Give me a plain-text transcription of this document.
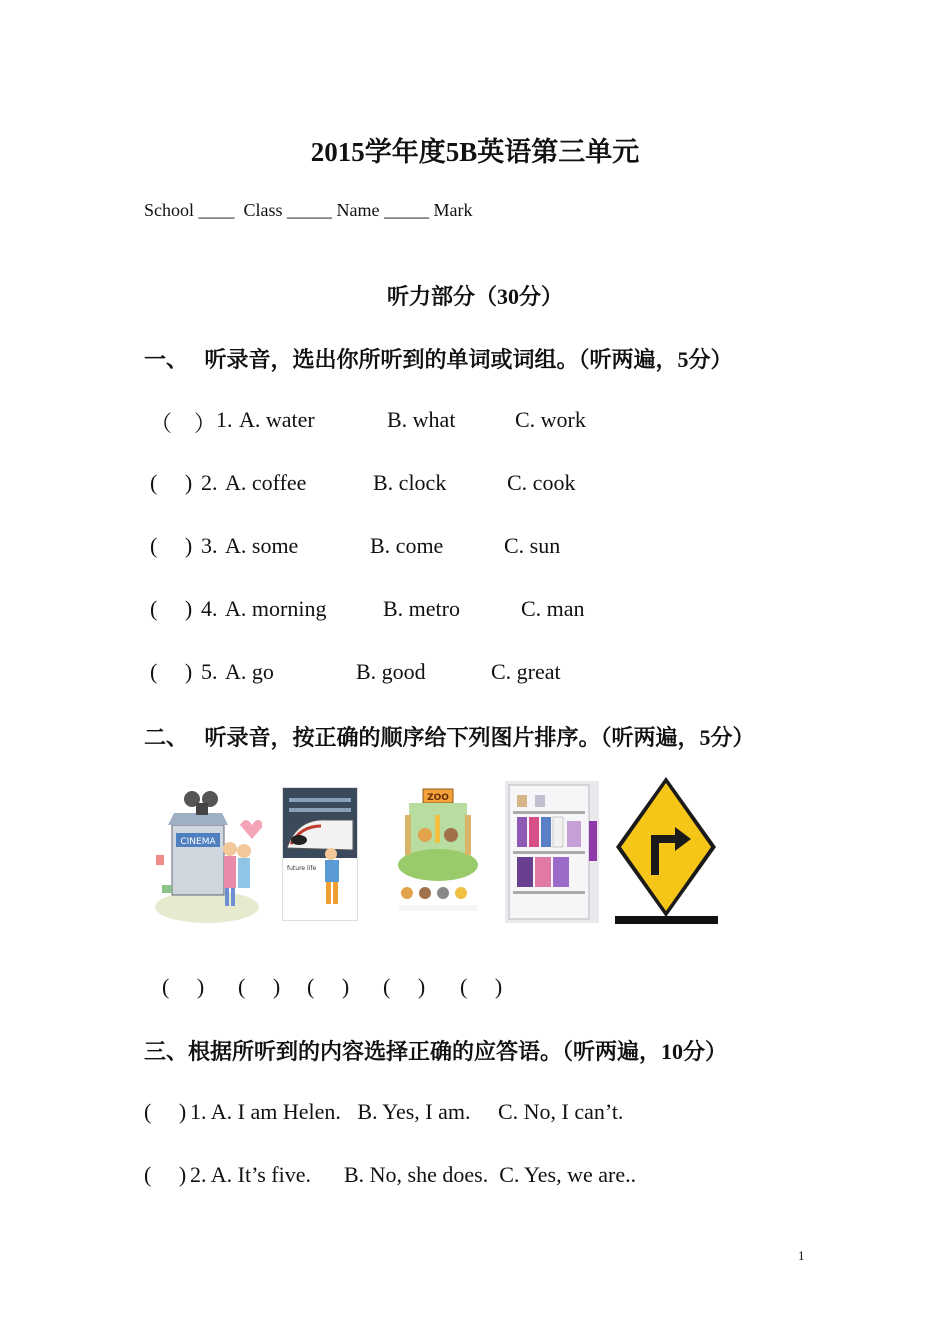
2015学年度5B英语第三单元
School ____  Class _____ Name _____ Mark
听力部分（30分）
一、   听录音，选出你所听到的单词或词组。（听两遍，5分）
（　） 1. A. water	B. what	C. work
(     ) 2. A. coffee	B. clock	C. cook
(     ) 3. A. some	B. come	C. sun
(     ) 4. A. morning	B. metro	C. man
(     ) 5. A. go	B. good	C. great
二、   听录音，按正确的顺序给下列图片排序。（听两遍，5分）
CINEMA
future life
ZOO
(     ) (     ) (     ) (     ) (     )
三、根据所听到的内容选择正确的应答语。（听两遍，10分）
(     ) 1. A. I am Helen.   B. Yes, I am.     C. No, I can’t.
(     ) 2. A. It’s five.      B. No, she does.  C. Yes, we are..
1
